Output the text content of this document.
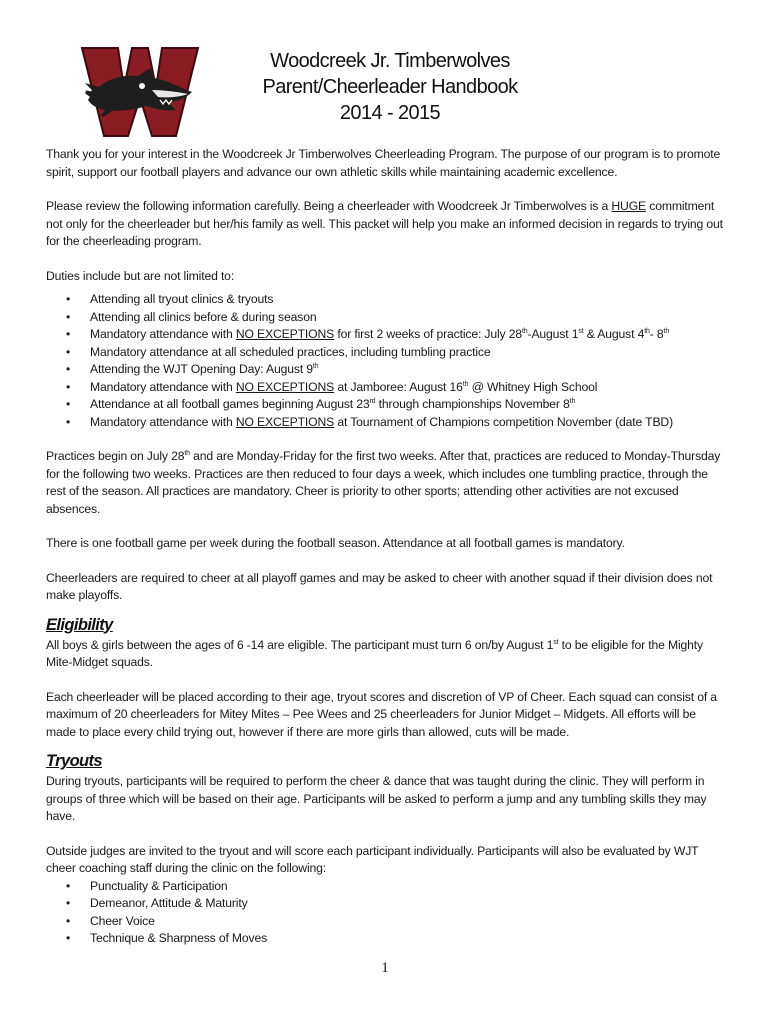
Woodcreek Jr. Timberwolves
Parent/Cheerleader Handbook
2014 - 2015

Thank you for your interest in the Woodcreek Jr Timberwolves Cheerleading Program. The purpose of our program is to promote spirit, support our football players and advance our own athletic skills while maintaining academic excellence.

Please review the following information carefully. Being a cheerleader with Woodcreek Jr Timberwolves is a HUGE commitment not only for the cheerleader but her/his family as well. This packet will help you make an informed decision in regards to trying out for the cheerleading program.

Duties include but are not limited to:

• Attending all tryout clinics & tryouts
• Attending all clinics before & during season
• Mandatory attendance with NO EXCEPTIONS for first 2 weeks of practice: July 28th-August 1st & August 4th- 8th
• Mandatory attendance at all scheduled practices, including tumbling practice
• Attending the WJT Opening Day: August 9th
• Mandatory attendance with NO EXCEPTIONS at Jamboree: August 16th @ Whitney High School
• Attendance at all football games beginning August 23rd through championships November 8th
• Mandatory attendance with NO EXCEPTIONS at Tournament of Champions competition November (date TBD)

Practices begin on July 28th and are Monday-Friday for the first two weeks. After that, practices are reduced to Monday-Thursday for the following two weeks. Practices are then reduced to four days a week, which includes one tumbling practice, through the rest of the season. All practices are mandatory. Cheer is priority to other sports; attending other activities are not excused absences.

There is one football game per week during the football season. Attendance at all football games is mandatory.

Cheerleaders are required to cheer at all playoff games and may be asked to cheer with another squad if their division does not make playoffs.

Eligibility

All boys & girls between the ages of 6 -14 are eligible. The participant must turn 6 on/by August 1st to be eligible for the Mighty Mite-Midget squads.

Each cheerleader will be placed according to their age, tryout scores and discretion of VP of Cheer. Each squad can consist of a maximum of 20 cheerleaders for Mitey Mites – Pee Wees and 25 cheerleaders for Junior Midget – Midgets. All efforts will be made to place every child trying out, however if there are more girls than allowed, cuts will be made.

Tryouts

During tryouts, participants will be required to perform the cheer & dance that was taught during the clinic. They will perform in groups of three which will be based on their age. Participants will be asked to perform a jump and any tumbling skills they may have.

Outside judges are invited to the tryout and will score each participant individually. Participants will also be evaluated by WJT cheer coaching staff during the clinic on the following:

• Punctuality & Participation
• Demeanor, Attitude & Maturity
• Cheer Voice
• Technique & Sharpness of Moves
1
